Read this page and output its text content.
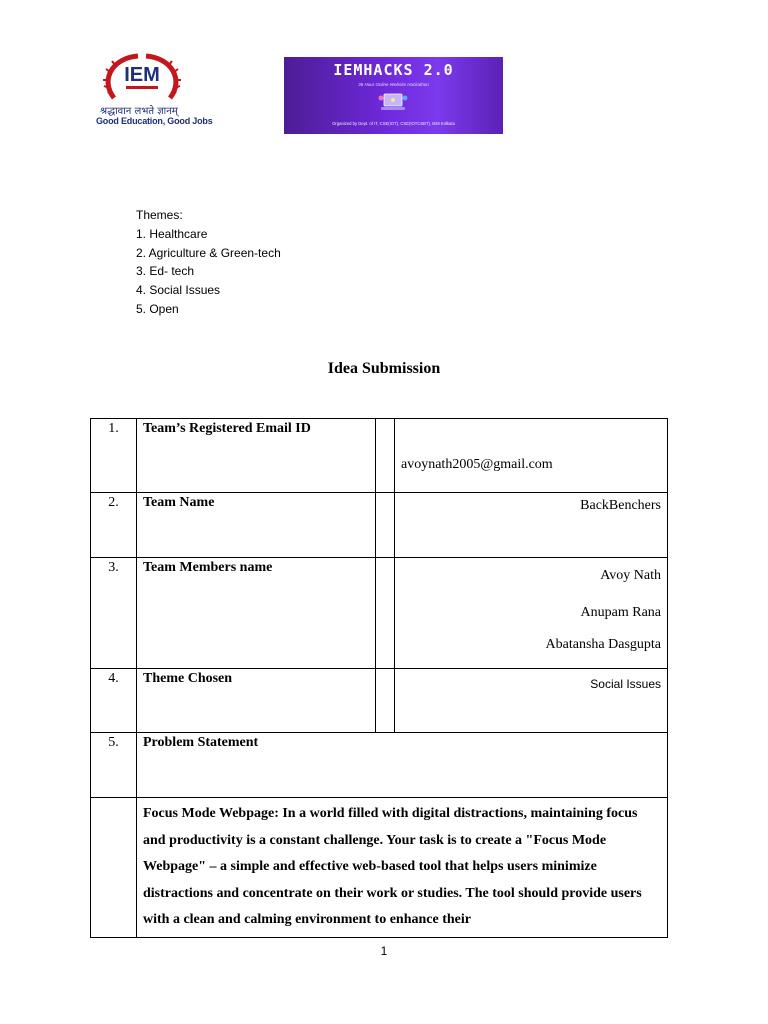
IEM
श्रद्धावान लभते ज्ञानम्
Good Education, Good Jobs
IEMHACKS 2.0
36 Hour Online Website Hackathon
Organized by Dept. of IT, CSE(IOT), CSE(IOTCSBT), IEM Kolkata
Themes:
1. Healthcare
2. Agriculture & Green-tech
3. Ed- tech
4. Social Issues
5. Open
Idea Submission
1.	Team’s Registered Email ID		avoynath2005@gmail.com
2.	Team Name		BackBenchers
3.	Team Members name		Avoy Nath
Anupam Rana
Abatansha Dasgupta

4.	Theme Chosen		Social Issues
5.	Problem Statement		
	Focus Mode Webpage: In a world filled with digital distractions, maintaining focus and productivity is a constant challenge. Your task is to create a "Focus Mode Webpage" – a simple and effective web-based tool that helps users minimize distractions and concentrate on their work or studies. The tool should provide users with a clean and calming environment to enhance their		
1
